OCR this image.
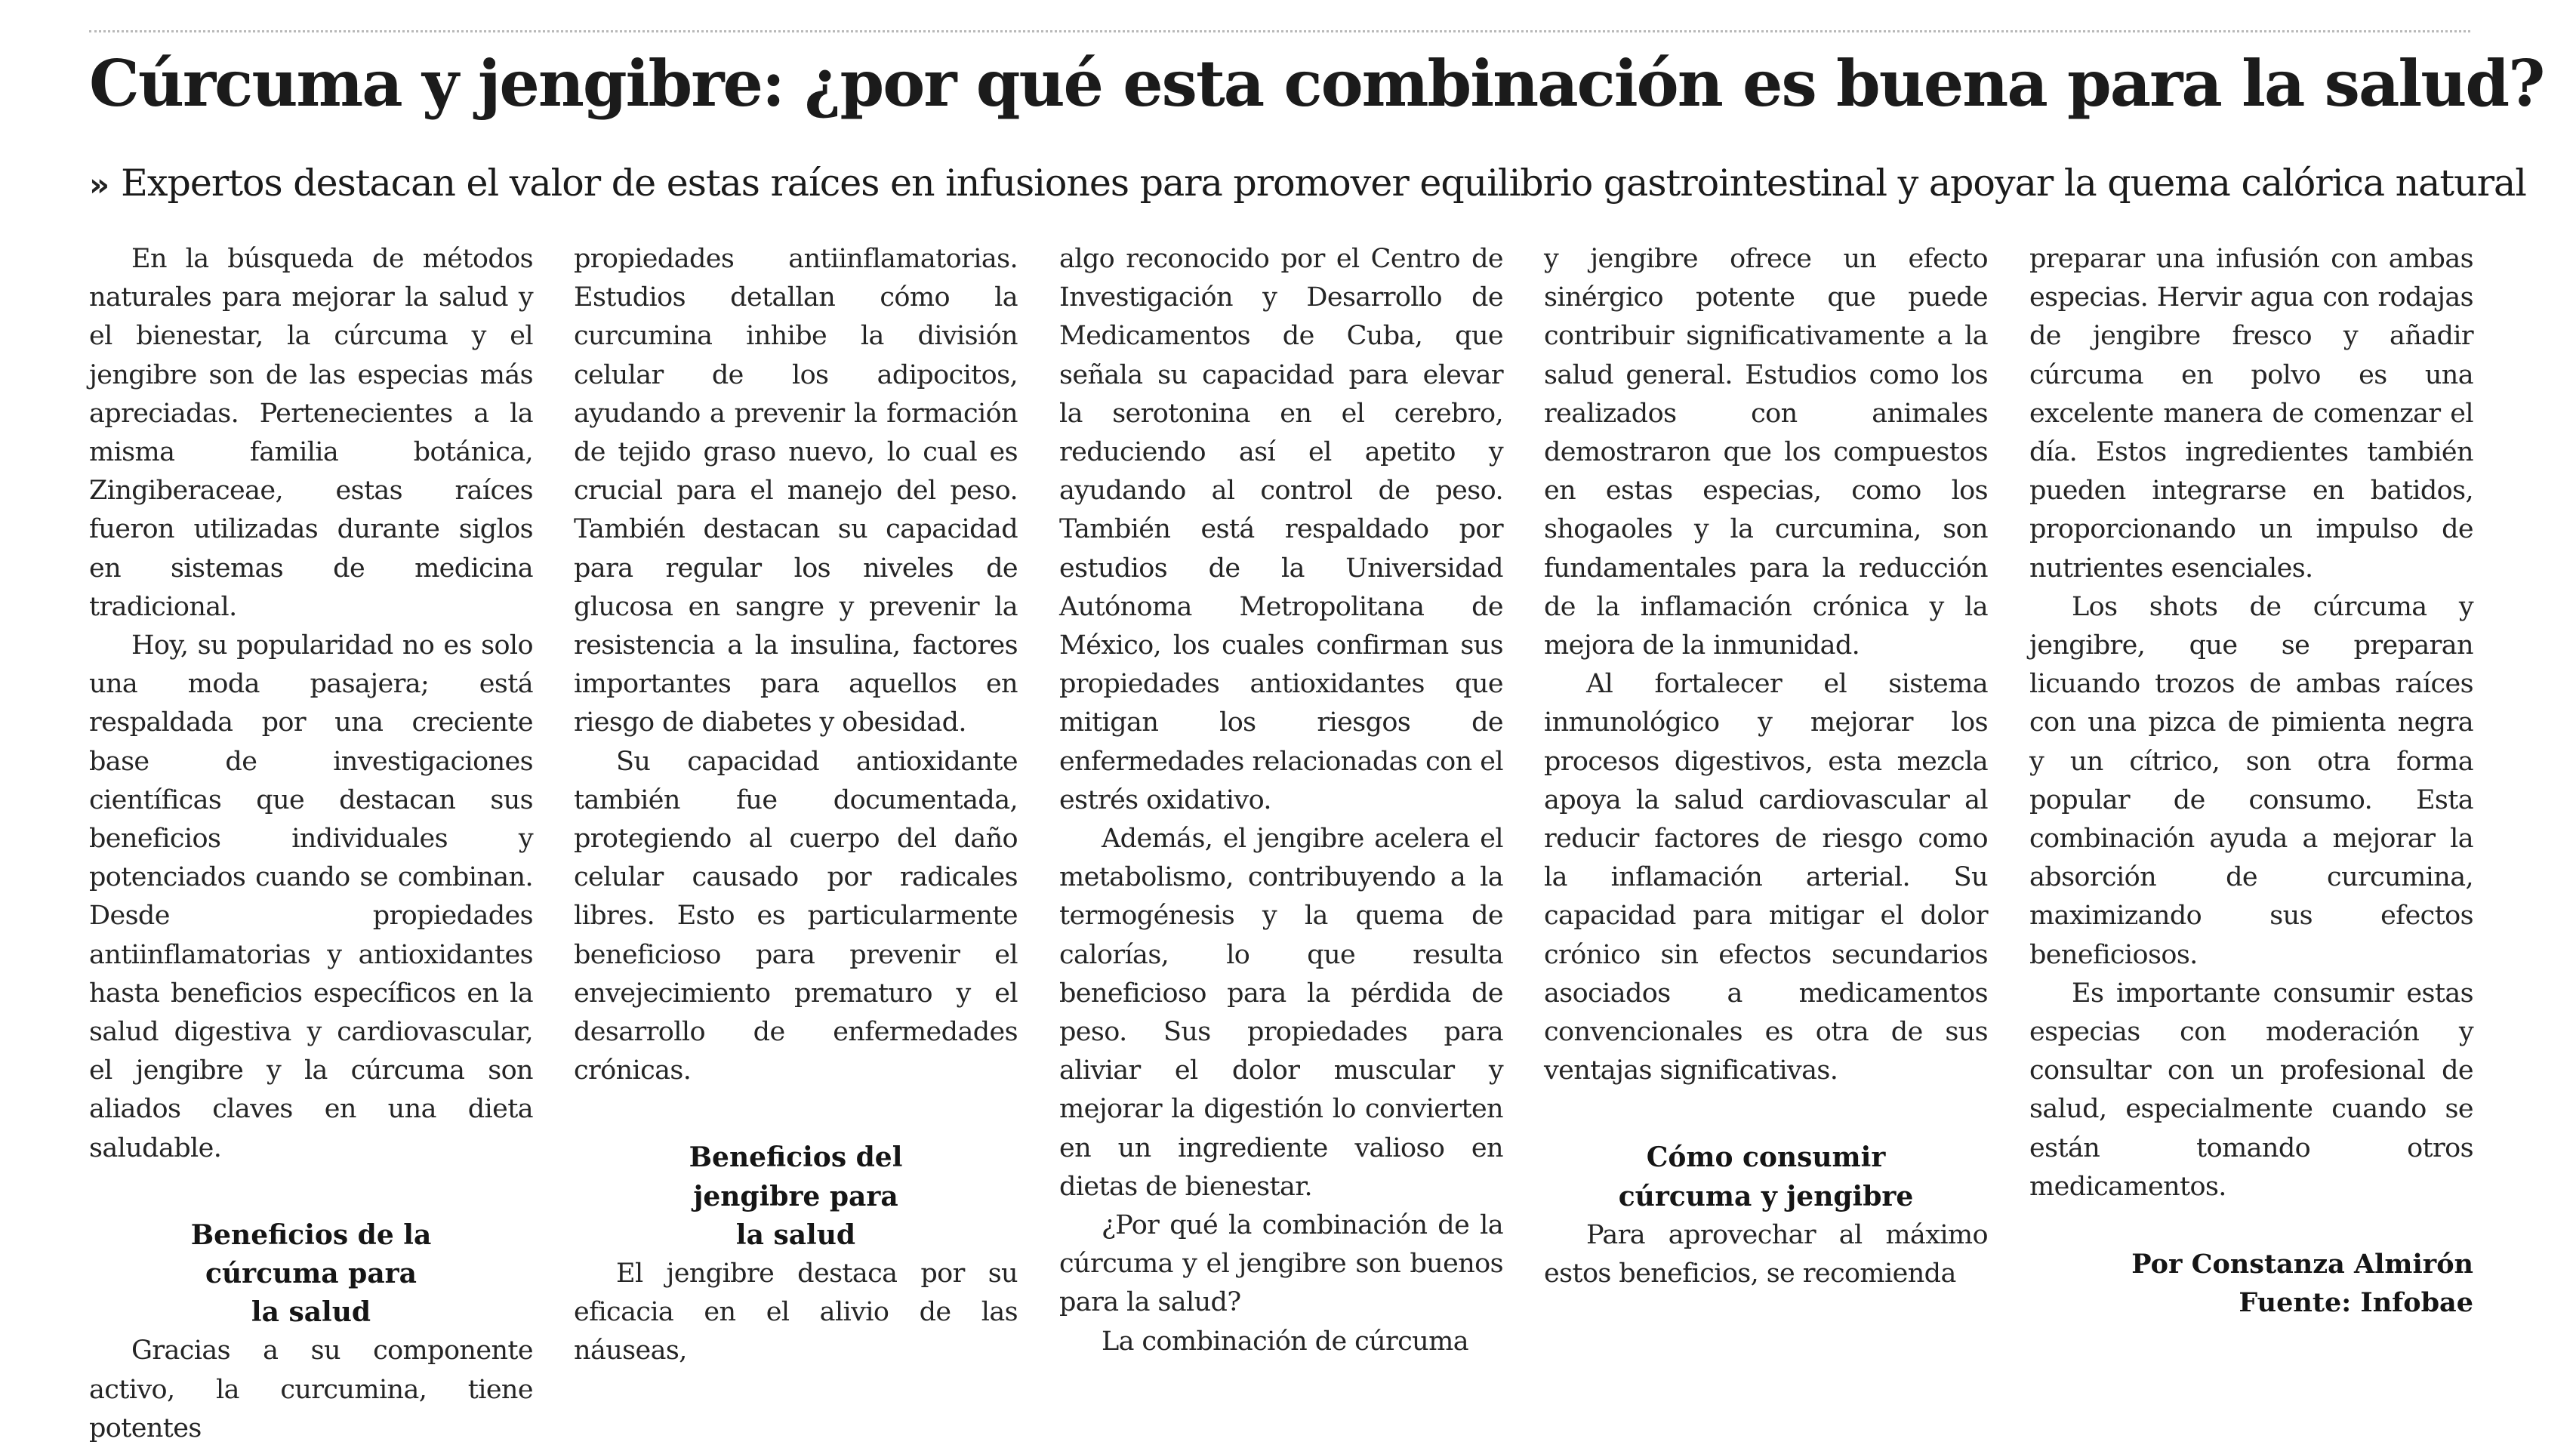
Cúrcuma y jengibre: ¿por qué esta combinación es buena para la salud?

» Expertos destacan el valor de estas raíces en infusiones para promover equilibrio gastrointestinal y apoyar la quema calórica natural

En la búsqueda de métodos naturales para mejorar la salud y el bienestar, la cúrcuma y el jengibre son de las especias más apreciadas. Pertenecientes a la misma familia botánica, Zingiberaceae, estas raíces fueron utilizadas durante siglos en sistemas de medicina tradicional.

Hoy, su popularidad no es solo una moda pasajera; está respaldada por una creciente base de investigaciones científicas que destacan sus beneficios individuales y potenciados cuando se combinan. Desde propiedades antiinflamatorias y antioxidantes hasta beneficios específicos en la salud digestiva y cardiovascular, el jengibre y la cúrcuma son aliados claves en una dieta saludable.

Beneficios de la
cúrcuma para
la salud

Gracias a su componente activo, la curcumina, tiene potentes

propiedades antiinflamatorias. Estudios detallan cómo la curcumina inhibe la división celular de los adipocitos, ayudando a prevenir la formación de tejido graso nuevo, lo cual es crucial para el manejo del peso. También destacan su capacidad para regular los niveles de glucosa en sangre y prevenir la resistencia a la insulina, factores importantes para aquellos en riesgo de diabetes y obesidad.

Su capacidad antioxidante también fue documentada, protegiendo al cuerpo del daño celular causado por radicales libres. Esto es particularmente beneficioso para prevenir el envejecimiento prematuro y el desarrollo de enfermedades crónicas.

Beneficios del
jengibre para
la salud

El jengibre destaca por su eficacia en el alivio de las náuseas,

algo reconocido por el Centro de Investigación y Desarrollo de Medicamentos de Cuba, que señala su capacidad para elevar la serotonina en el cerebro, reduciendo así el apetito y ayudando al control de peso. También está respaldado por estudios de la Universidad Autónoma Metropolitana de México, los cuales confirman sus propiedades antioxidantes que mitigan los riesgos de enfermedades relacionadas con el estrés oxidativo.

Además, el jengibre acelera el metabolismo, contribuyendo a la termogénesis y la quema de calorías, lo que resulta beneficioso para la pérdida de peso. Sus propiedades para aliviar el dolor muscular y mejorar la digestión lo convierten en un ingrediente valioso en dietas de bienestar.

¿Por qué la combinación de la cúrcuma y el jengibre son buenos para la salud?

La combinación de cúrcuma

y jengibre ofrece un efecto sinérgico potente que puede contribuir significativamente a la salud general. Estudios como los realizados con animales demostraron que los compuestos en estas especias, como los shogaoles y la curcumina, son fundamentales para la reducción de la inflamación crónica y la mejora de la inmunidad.

Al fortalecer el sistema inmunológico y mejorar los procesos digestivos, esta mezcla apoya la salud cardiovascular al reducir factores de riesgo como la inflamación arterial. Su capacidad para mitigar el dolor crónico sin efectos secundarios asociados a medicamentos convencionales es otra de sus ventajas significativas.

Cómo consumir
cúrcuma y jengibre

Para aprovechar al máximo estos beneficios, se recomienda

preparar una infusión con ambas especias. Hervir agua con rodajas de jengibre fresco y añadir cúrcuma en polvo es una excelente manera de comenzar el día. Estos ingredientes también pueden integrarse en batidos, proporcionando un impulso de nutrientes esenciales.

Los shots de cúrcuma y jengibre, que se preparan licuando trozos de ambas raíces con una pizca de pimienta negra y un cítrico, son otra forma popular de consumo. Esta combinación ayuda a mejorar la absorción de curcumina, maximizando sus efectos beneficiosos.

Es importante consumir estas especias con moderación y consultar con un profesional de salud, especialmente cuando se están tomando otros medicamentos.

Por Constanza Almirón
Fuente: Infobae
